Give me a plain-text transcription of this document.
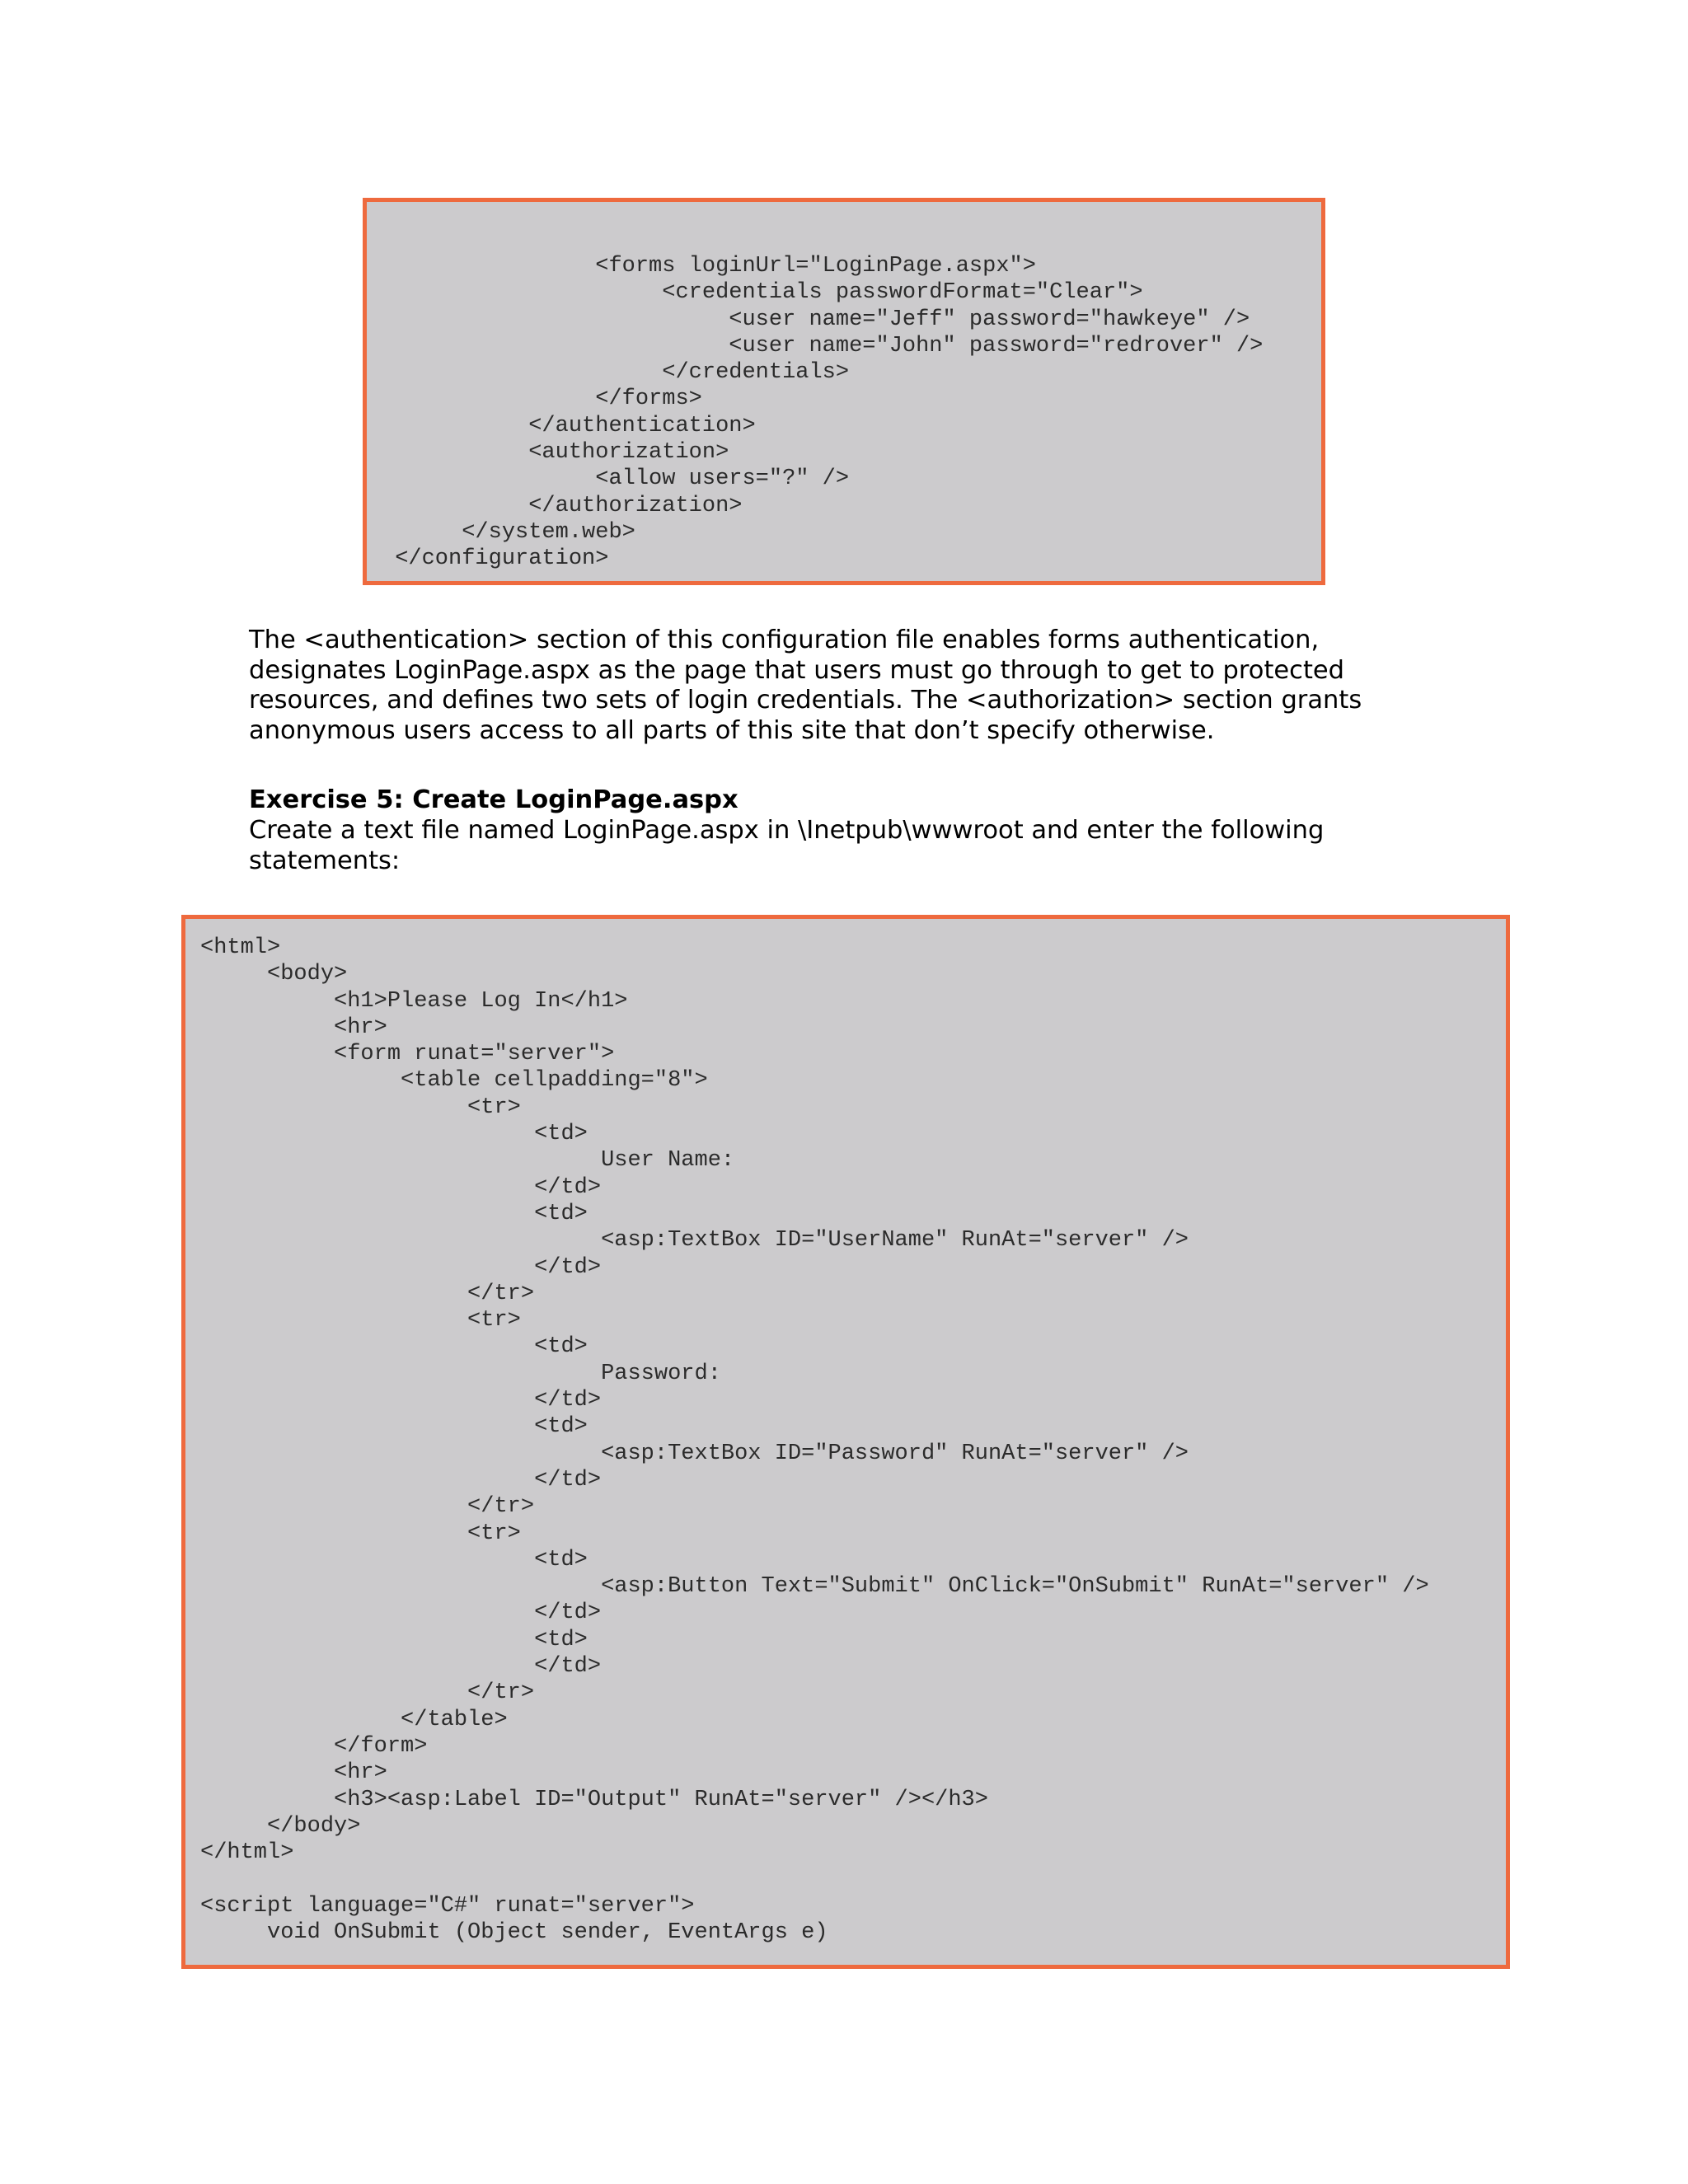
<forms loginUrl="LoginPage.aspx">
<credentials passwordFormat="Clear">
<user name="Jeff" password="hawkeye" />
<user name="John" password="redrover" />
</credentials>
</forms>
</authentication>
<authorization>
<allow users="?" />
</authorization>
</system.web>
</configuration>

The <authentication> section of this configuration file enables forms authentication, designates LoginPage.aspx as the page that users must go through to get to protected resources, and defines two sets of login credentials. The <authorization> section grants anonymous users access to all parts of this site that don’t specify otherwise.

Exercise 5: Create LoginPage.aspx

Create a text file named LoginPage.aspx in \Inetpub\wwwroot and enter the following statements:

<html>
<body>
<h1>Please Log In</h1>
<hr>
<form runat="server">
<table cellpadding="8">
<tr>
<td>
User Name:
</td>
<td>
<asp:TextBox ID="UserName" RunAt="server" />
</td>
</tr>
<tr>
<td>
Password:
</td>
<td>
<asp:TextBox ID="Password" RunAt="server" />
</td>
</tr>
<tr>
<td>
<asp:Button Text="Submit" OnClick="OnSubmit" RunAt="server" />
</td>
<td>
</td>
</tr>
</table>
</form>
<hr>
<h3><asp:Label ID="Output" RunAt="server" /></h3>
</body>
</html>

<script language="C#" runat="server">
void OnSubmit (Object sender, EventArgs e)
